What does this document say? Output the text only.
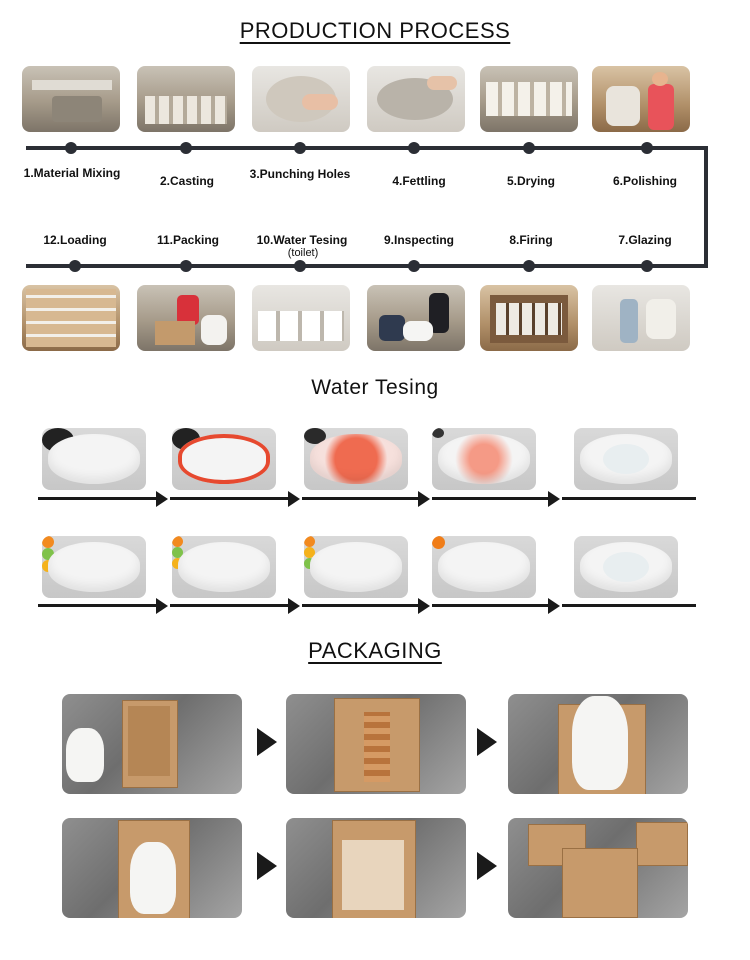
PRODUCTION PROCESS
1.Material Mixing
2.Casting	3.Punching Holes	4.Fettling	5.Drying	6.Polishing
12.Loading	11.Packing	10.Water Tesing
(toilet)
9.Inspecting	8.Firing	7.Glazing
Water Tesing
PACKAGING
